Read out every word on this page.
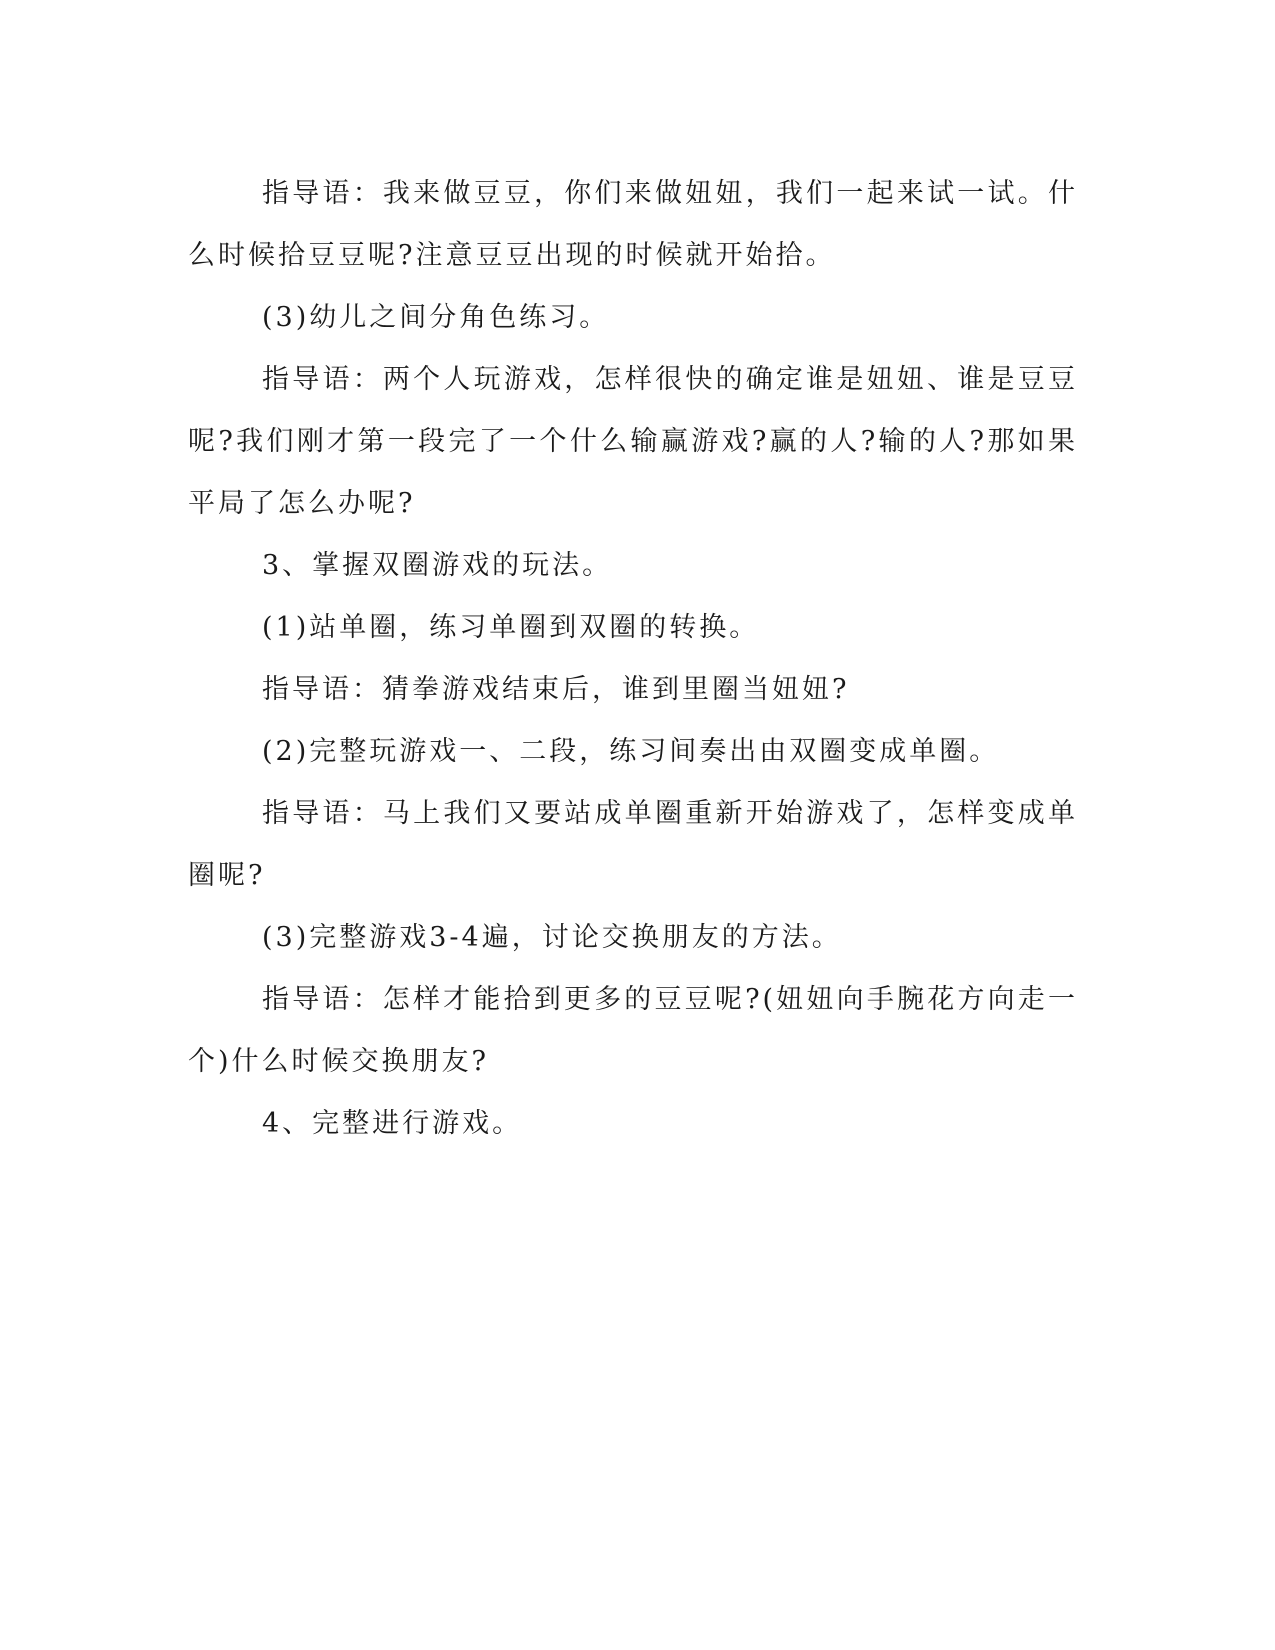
指导语：我来做豆豆，你们来做妞妞，我们一起来试一试。什么时候拾豆豆呢?注意豆豆出现的时候就开始拾。

(3)幼儿之间分角色练习。

指导语：两个人玩游戏，怎样很快的确定谁是妞妞、谁是豆豆呢?我们刚才第一段完了一个什么输赢游戏?赢的人?输的人?那如果平局了怎么办呢?

3、掌握双圈游戏的玩法。

(1)站单圈，练习单圈到双圈的转换。

指导语：猜拳游戏结束后，谁到里圈当妞妞?

(2)完整玩游戏一、二段，练习间奏出由双圈变成单圈。

指导语：马上我们又要站成单圈重新开始游戏了，怎样变成单圈呢?

(3)完整游戏3-4遍，讨论交换朋友的方法。

指导语：怎样才能拾到更多的豆豆呢?(妞妞向手腕花方向走一个)什么时候交换朋友?

4、完整进行游戏。
